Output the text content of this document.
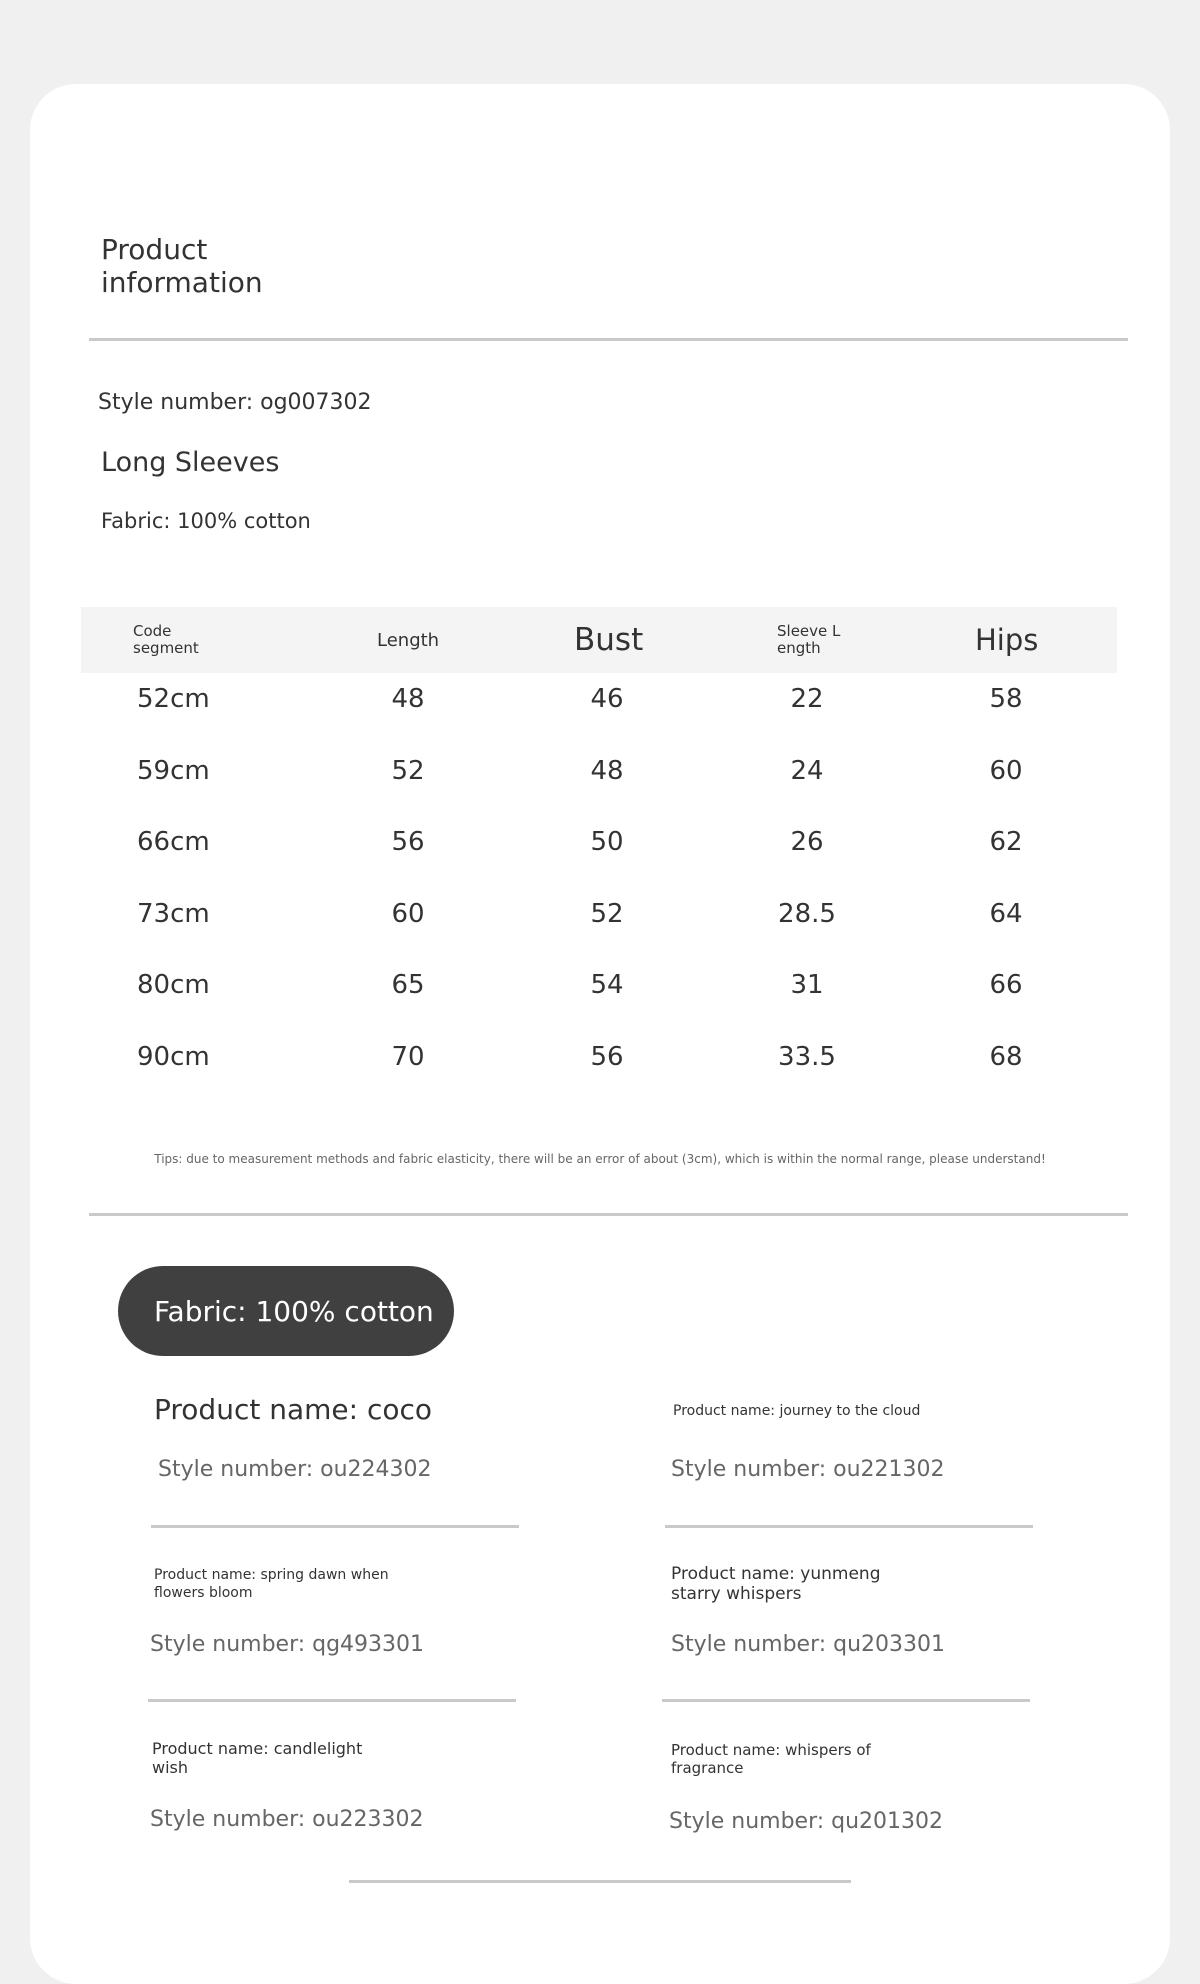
Product information
Style number: og007302
Long Sleeves
Fabric: 100% cotton
Code segment	Length	Bust	Sleeve L ength	Hips
52cm	48	46	22	58
59cm	52	48	24	60
66cm	56	50	26	62
73cm	60	52	28.5	64
80cm	65	54	31	66
90cm	70	56	33.5	68
Tips: due to measurement methods and fabric elasticity, there will be an error of about (3cm), which is within the normal range, please understand!
Fabric: 100% cotton
Product name: coco
Style number: ou224302
Product name: journey to the cloud
Style number: ou221302
Product name: spring dawn when flowers bloom
Style number: qg493301
Product name: yunmeng starry whispers
Style number: qu203301
Product name: candlelight wish
Style number: ou223302
Product name: whispers of fragrance
Style number: qu201302
